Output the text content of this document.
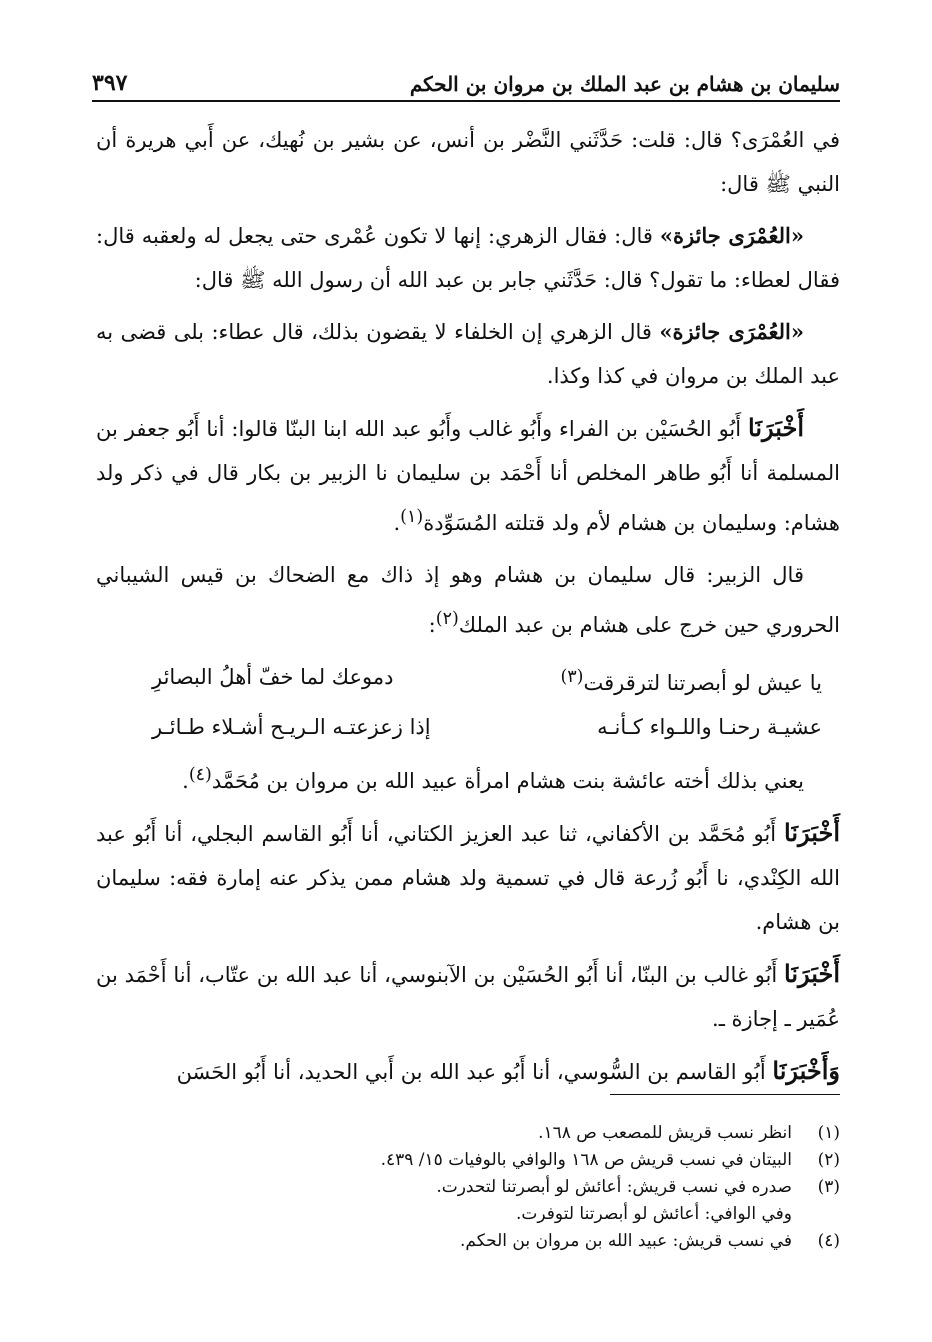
سليمان بن هشام بن عبد الملك بن مروان بن الحكم
٣٩٧

في العُمْرَى؟ قال: قلت: حَدَّثَني النَّضْر بن أنس، عن بشير بن نُهيك، عن أَبي هريرة أن النبي ﷺ قال:

«العُمْرَى جائزة» قال: فقال الزهري: إنها لا تكون عُمْرى حتى يجعل له ولعقبه قال: فقال لعطاء: ما تقول؟ قال: حَدَّثَني جابر بن عبد الله أن رسول الله ﷺ قال:

«العُمْرَى جائزة» قال الزهري إن الخلفاء لا يقضون بذلك، قال عطاء: بلى قضى به عبد الملك بن مروان في كذا وكذا.

أَخْبَرَنَا أَبُو الحُسَيْن بن الفراء وأَبُو غالب وأَبُو عبد الله ابنا البنّا قالوا: أنا أَبُو جعفر بن المسلمة أنا أَبُو طاهر المخلص أنا أَحْمَد بن سليمان نا الزبير بن بكار قال في ذكر ولد هشام: وسليمان بن هشام لأم ولد قتلته المُسَوِّدة$^{(١)}$.

قال الزبير: قال سليمان بن هشام وهو إذ ذاك مع الضحاك بن قيس الشيباني الحروري حين خرج على هشام بن عبد الملك$^{(٢)}$:

يا عيش لو أبصرتنا لترقرقت$^{(٣)}$
دموعك لما خفّ أهلُ البصائرِ
عشيـة رحنـا واللـواء كـأنـه
إذا زعزعتـه الـريـح أشـلاء طـائـر

يعني بذلك أخته عائشة بنت هشام امرأة عبيد الله بن مروان بن مُحَمَّد$^{(٤)}$.

أَخْبَرَنَا أَبُو مُحَمَّد بن الأكفاني، ثنا عبد العزيز الكتاني، أنا أَبُو القاسم البجلي، أنا أَبُو عبد الله الكِنْدي، نا أَبُو زُرعة قال في تسمية ولد هشام ممن يذكر عنه إمارة فقه: سليمان بن هشام.

أَخْبَرَنَا أَبُو غالب بن البنّا، أنا أَبُو الحُسَيْن بن الآبنوسي، أنا عبد الله بن عتّاب، أنا أَحْمَد بن عُمَير ـ إجازة ـ.

وَأَخْبَرَنَا أَبُو القاسم بن السُّوسي، أنا أَبُو عبد الله بن أَبي الحديد، أنا أَبُو الحَسَن

(١)
انظر نسب قريش للمصعب ص ١٦٨.
(٢)
البيتان في نسب قريش ص ١٦٨ والوافي بالوفيات ١٥/ ٤٣٩.
(٣)
صدره في نسب قريش: أعائش لو أبصرتنا لتحدرت.
وفي الوافي: أعائش لو أبصرتنا لتوفرت.
(٤)
في نسب قريش: عبيد الله بن مروان بن الحكم.
